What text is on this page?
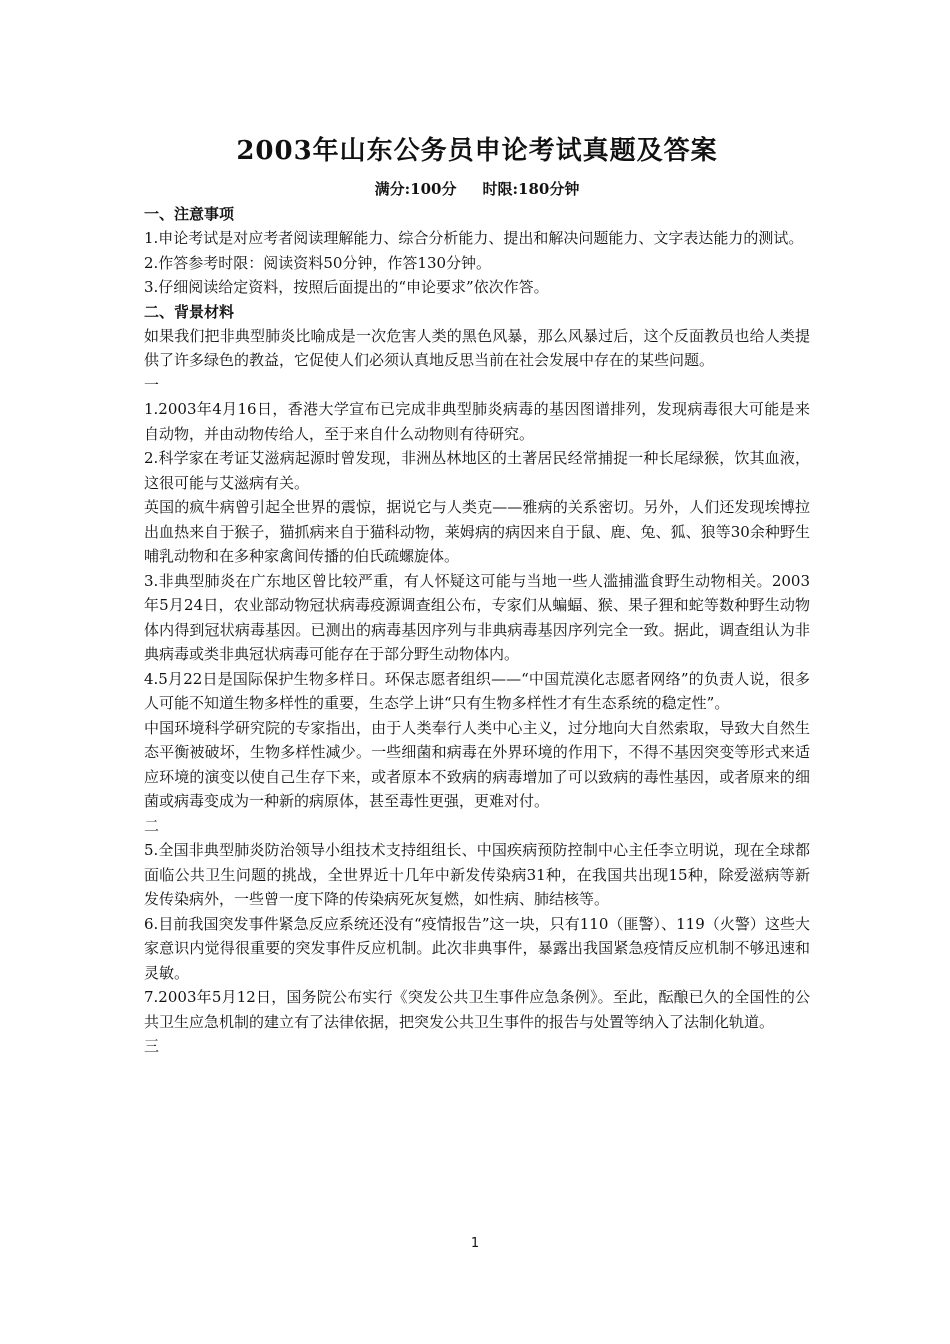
2003年山东公务员申论考试真题及答案
满分:100分 时限:180分钟
一、注意事项
1.申论考试是对应考者阅读理解能力、综合分析能力、提出和解决问题能力、文字表达能力的测试。
2.作答参考时限：阅读资料50分钟，作答130分钟。
3.仔细阅读给定资料，按照后面提出的“申论要求”依次作答。
二、背景材料
如果我们把非典型肺炎比喻成是一次危害人类的黑色风暴，那么风暴过后，这个反面教员也给人类提供了许多绿色的教益，它促使人们必须认真地反思当前在社会发展中存在的某些问题。
一
1.2003年4月16日，香港大学宣布已完成非典型肺炎病毒的基因图谱排列，发现病毒很大可能是来自动物，并由动物传给人，至于来自什么动物则有待研究。
2.科学家在考证艾滋病起源时曾发现，非洲丛林地区的土著居民经常捕捉一种长尾绿猴，饮其血液，这很可能与艾滋病有关。
英国的疯牛病曾引起全世界的震惊，据说它与人类克——雅病的关系密切。另外，人们还发现埃博拉出血热来自于猴子，猫抓病来自于猫科动物，莱姆病的病因来自于鼠、鹿、兔、狐、狼等30余种野生哺乳动物和在多种家禽间传播的伯氏疏螺旋体。
3.非典型肺炎在广东地区曾比较严重，有人怀疑这可能与当地一些人滥捕滥食野生动物相关。2003年5月24日，农业部动物冠状病毒疫源调查组公布，专家们从蝙蝠、猴、果子狸和蛇等数种野生动物体内得到冠状病毒基因。已测出的病毒基因序列与非典病毒基因序列完全一致。据此，调查组认为非典病毒或类非典冠状病毒可能存在于部分野生动物体内。
4.5月22日是国际保护生物多样日。环保志愿者组织——“中国荒漠化志愿者网络”的负责人说，很多人可能不知道生物多样性的重要，生态学上讲“只有生物多样性才有生态系统的稳定性”。
中国环境科学研究院的专家指出，由于人类奉行人类中心主义，过分地向大自然索取，导致大自然生态平衡被破坏，生物多样性减少。一些细菌和病毒在外界环境的作用下，不得不基因突变等形式来适应环境的演变以使自己生存下来，或者原本不致病的病毒增加了可以致病的毒性基因，或者原来的细菌或病毒变成为一种新的病原体，甚至毒性更强，更难对付。
二
5.全国非典型肺炎防治领导小组技术支持组组长、中国疾病预防控制中心主任李立明说，现在全球都面临公共卫生问题的挑战，全世界近十几年中新发传染病31种，在我国共出现15种，除爱滋病等新发传染病外，一些曾一度下降的传染病死灰复燃，如性病、肺结核等。
6.目前我国突发事件紧急反应系统还没有“疫情报告”这一块，只有110（匪警）、119（火警）这些大家意识内觉得很重要的突发事件反应机制。此次非典事件，暴露出我国紧急疫情反应机制不够迅速和灵敏。
7.2003年5月12日，国务院公布实行《突发公共卫生事件应急条例》。至此，酝酿已久的全国性的公共卫生应急机制的建立有了法律依据，把突发公共卫生事件的报告与处置等纳入了法制化轨道。
三
1
